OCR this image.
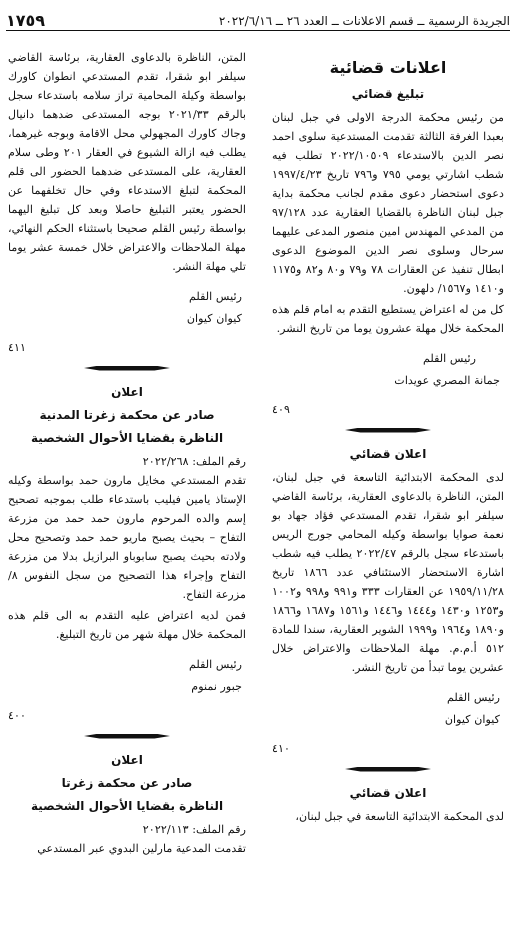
الجريدة الرسمية ــ قسم الاعلانات ــ العدد ٢٦ ــ ٢٠٢٢/٦/١٦
١٧٥٩
اعلانات قضائية
تبليغ قضائي

من رئيس محكمة الدرجة الاولى في جبل لبنان بعبدا الغرفة الثالثة تقدمت المستدعية سلوى احمد نصر الدين بالاستدعاء ٢٠٢٢/١٠٥٠٩ تطلب فيه شطب اشارتي يومي ٧٩٥ و٧٩٦ تاريخ ١٩٩٧/٤/٢٣ دعوى استحضار دعوى مقدم لجانب محكمة بداية جبل لبنان الناظرة بالقضايا العقارية عدد ٩٧/١٢٨ من المدعي المهندس امين منصور المدعى عليهما سرحال وسلوى نصر الدين الموضوع الدعوى ابطال تنفيذ عن العقارات ٧٨ و٧٩ و٨٠ و٨٢ و١١٧٥ و١٤١٠ و١٥٦٧/ دلهون.

كل من له اعتراض يستطيع التقدم به امام قلم هذه المحكمة خلال مهلة عشرون يوما من تاريخ النشر.

رئيس القلم
جمانة المصري عويدات
٤٠٩
اعلان قضائي

لدى المحكمة الابتدائية التاسعة في جبل لبنان، المتن، الناظرة بالدعاوى العقارية، برئاسة القاضي سيلفر ابو شقرا، تقدم المستدعي فؤاد جهاد بو نعمة صوايا بواسطة وكيله المحامي جورج الريس باستدعاء سجل بالرقم ٢٠٢٢/٤٧ يطلب فيه شطب اشارة الاستحضار الاستئنافي عدد ١٨٦٦ تاريخ ١٩٥٩/١١/٢٨ عن العقارات ٣٣٣ و٩٩١ و٩٩٨ و١٠٠٢ و١٢٥٣ و١٤٣٠ و١٤٤٤ و١٤٤٦ و١٥٦١ و١٦٨٧ و١٨٦٦ و١٨٩٠ و١٩٦٤ و١٩٩٩ الشوير العقارية، سندا للمادة ٥١٢ أ.م.م. مهلة الملاحظات والاعتراض خلال عشرين يوما تبدأ من تاريخ النشر.

رئيس القلم
كيوان كيوان
٤١٠
اعلان قضائي

لدى المحكمة الابتدائية التاسعة في جبل لبنان،

المتن، الناظرة بالدعاوى العقارية، برئاسة القاضي سيلفر ابو شقرا، تقدم المستدعي انطوان كاورك بواسطة وكيلة المحامية تراز سلامه باستدعاء سجل بالرقم ٢٠٢١/٣٣ بوجه المستدعى ضدهما دانيال وجاك كاورك المجهولي محل الاقامة وبوجه غيرهما، يطلب فيه ازالة الشيوع في العقار ٢٠١ وطى سلام العقارية، على المستدعى ضدهما الحضور الى قلم المحكمة لتبلغ الاستدعاء وفي حال تخلفهما عن الحضور يعتبر التبليغ حاصلا وبعد كل تبليغ اليهما بواسطة رئيس القلم صحيحا باستثناء الحكم النهائي، مهلة الملاحظات والاعتراض خلال خمسة عشر يوما تلي مهلة النشر.

رئيس القلم
كيوان كيوان
٤١١
اعلان
صادر عن محكمة زغرتا المدنية
الناظرة بقضايا الأحوال الشخصية

رقم الملف: ٢٠٢٢/٢٦٨

تقدم المستدعي مخايل مارون حمد بواسطة وكيله الإستاذ يامين فيليب باستدعاء طلب بموجبه تصحيح إسم والده المرحوم مارون حمد حمد من مزرعة التفاح – بحيث يصبح ماريو حمد حمد وتصحيح محل ولادته بحيث يصبح سابوباو البرازيل بدلا من مزرعة التفاح وإجراء هذا التصحيح من سجل النفوس ٨/ مزرعة التفاح.

فمن لديه اعتراض عليه التقدم به الى قلم هذه المحكمة خلال مهلة شهر من تاريخ التبليغ.

رئيس القلم
جبور نمنوم
٤٠٠
اعلان
صادر عن محكمة زغرتا
الناظرة بقضايا الأحوال الشخصية

رقم الملف: ٢٠٢٢/١١٣

تقدمت المدعية مارلين البدوي عبر المستدعي
